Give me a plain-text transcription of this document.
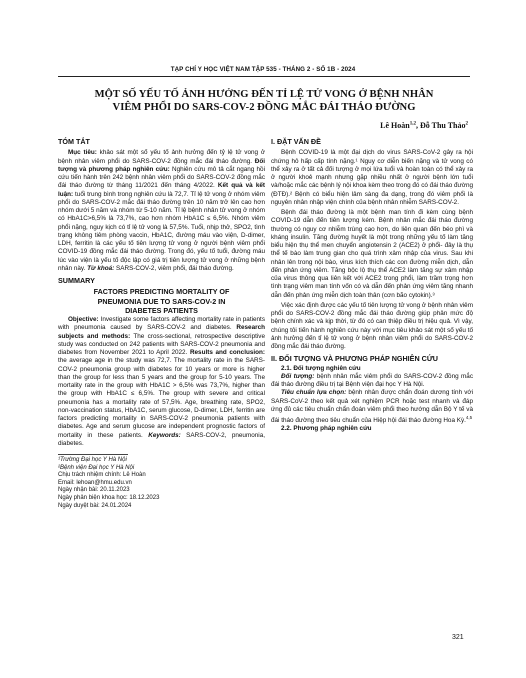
TẠP CHÍ Y HỌC VIỆT NAM TẬP 535 - THÁNG 2 - SỐ 1B - 2024
MỘT SỐ YẾU TỐ ẢNH HƯỞNG ĐẾN TỈ LỆ TỬ VONG Ở BỆNH NHÂN
VIÊM PHỔI DO SARS-COV-2 ĐỒNG MẮC ĐÁI THÁO ĐƯỜNG
Lê Hoàn$^{1,2}$, Đỗ Thu Thảo$^2$
TÓM TẮT

Mục tiêu: khảo sát một số yếu tố ảnh hưởng đến tỷ lệ tử vong ở bệnh nhân viêm phổi do SARS-COV-2 đồng mắc đái tháo đường. Đối tượng và phương pháp nghiên cứu: Nghiên cứu mô tả cắt ngang hồi cứu tiến hành trên 242 bệnh nhân viêm phổi do SARS-COV-2 đồng mắc đái tháo đường từ tháng 11/2021 đến tháng 4/2022. Kết quả và kết luận: tuổi trung bình trong nghiên cứu là 72,7. Tỉ lệ tử vong ở nhóm viêm phổi do SARS-COV-2 mắc đái tháo đường trên 10 năm trở lên cao hơn nhóm dưới 5 năm và nhóm từ 5-10 năm. Tỉ lệ bệnh nhân tử vong ở nhóm có HbA1C>6,5% là 73,7%, cao hơn nhóm HbA1C ≤ 6,5%. Nhóm viêm phổi nặng, nguy kịch có tỉ lệ tử vong là 57,5%. Tuổi, nhịp thở, SPO2, tình trạng không tiêm phòng vaccin, HbA1C, đường máu vào viện, D-dimer, LDH, ferritin là các yếu tố tiên lượng tử vong ở người bệnh viêm phổi COVID-19 đồng mắc đái tháo đường. Trong đó, yếu tố tuổi, đường máu lúc vào viện là yếu tố độc lập có giá trị tiên lượng tử vong ở những bệnh nhân này. Từ khoá: SARS-COV-2, viêm phổi, đái tháo đường.

SUMMARY
FACTORS PREDICTING MORTALITY OF
PNEUMONIA DUE TO SARS-COV-2 IN
DIABETES PATIENTS

Objective: Investigate some factors affecting mortality rate in patients with pneumonia caused by SARS-COV-2 and diabetes. Research subjects and methods: The cross-sectional, retrospective descriptive study was conducted on 242 patients with SARS-COV-2 pneumonia and diabetes from November 2021 to April 2022. Results and conclusion: the average age in the study was 72,7. The mortality rate in the SARS-COV-2 pneumonia group with diabetes for 10 years or more is higher than the group for less than 5 years and the group for 5-10 years. The mortality rate in the group with HbA1C > 6,5% was 73,7%, higher than the group with HbA1C ≤ 6,5%. The group with severe and critical pneumonia has a mortality rate of 57,5%. Age, breathing rate, SPO2, non-vaccination status, HbA1C, serum glucose, D-dimer, LDH, ferritin are factors predicting mortality in SARS-COV-2 pneumonia patients with diabetes. Age and serum glucose are independent prognostic factors of mortality in these patients. Keywords: SARS-COV-2, pneumonia, diabetes.

¹Trường Đại học Y Hà Nội
²Bệnh viện Đại học Y Hà Nội
Chịu trách nhiệm chính: Lê Hoàn
Email: lehoan@hmu.edu.vn
Ngày nhận bài: 20.11.2023
Ngày phản biện khoa học: 18.12.2023
Ngày duyệt bài: 24.01.2024
I. ĐẶT VẤN ĐỀ

Bệnh COVID-19 là một đại dịch do virus SARS-CoV-2 gây ra hội chứng hô hấp cấp tính nặng.¹ Nguy cơ diễn biến nặng và tử vong có thể xảy ra ở tất cả đối tượng ở mọi lứa tuổi và hoàn toàn có thể xảy ra ở người khoẻ mạnh nhưng gặp nhiều nhất ở người bệnh lớn tuổi và/hoặc mắc các bệnh lý nội khoa kèm theo trong đó có đái tháo đường (ĐTĐ).² Bệnh có biểu hiện lâm sàng đa dạng, trong đó viêm phổi là nguyên nhân nhập viện chính của bệnh nhân nhiễm SARS-COV-2.

Bệnh đái tháo đường là một bệnh man tính đi kèm cùng bệnh COVID-19 dẫn đến tiên lượng kém. Bệnh nhân mắc đái tháo đường thường có nguy cơ nhiễm trùng cao hơn, do liên quan đến béo phì và kháng insulin. Tăng đường huyết là một trong những yếu tố làm tăng biểu hiện thụ thể men chuyển angiotensin 2 (ACE2) ở phổi- đây là thụ thể tế bào làm trung gian cho quá trình xâm nhập của virus. Sau khi nhân lên trong nội bào, virus kích thích các con đường miễn dịch, dẫn đến phản ứng viêm. Tăng bộc lộ thụ thể ACE2 làm tăng sự xâm nhập của virus thông qua liên kết với ACE2 trong phổi, làm trầm trọng hơn tình trạng viêm man tính vốn có và dẫn đến phản ứng viêm tăng nhanh dẫn đến phản ứng miễn dịch toàn thân (cơn bão cytokin).³

Việc xác định được các yếu tố tiên lượng tử vong ở bệnh nhân viêm phổi do SARS-COV-2 đồng mắc đái tháo đường giúp phân mức độ bệnh chính xác và kịp thời, từ đó có can thiệp điều trị hiệu quả. Vì vậy, chúng tôi tiến hành nghiên cứu này với mục tiêu khảo sát một số yếu tố ảnh hưởng đến tỉ lệ tử vong ở bệnh nhân viêm phổi do SARS-COV-2 đồng mắc đái tháo đường.

II. ĐỐI TƯỢNG VÀ PHƯƠNG PHÁP NGHIÊN CỨU
2.1. Đối tượng nghiên cứu

Đối tượng: bệnh nhân mắc viêm phổi do SARS-COV-2 đồng mắc đái tháo đường điều trị tại Bệnh viện đại học Y Hà Nội.

Tiêu chuẩn lựa chọn: bệnh nhân được chẩn đoán dương tính với SARS-CoV-2 theo kết quả xét nghiệm PCR hoặc test nhanh và đáp ứng đủ các tiêu chuẩn chẩn đoán viêm phổi theo hướng dẫn Bộ Y tế và đái tháo đường theo tiêu chuẩn của Hiệp hội đái tháo đường Hoa Kỳ.$^{4,5}$

2.2. Phương pháp nghiên cứu
321
